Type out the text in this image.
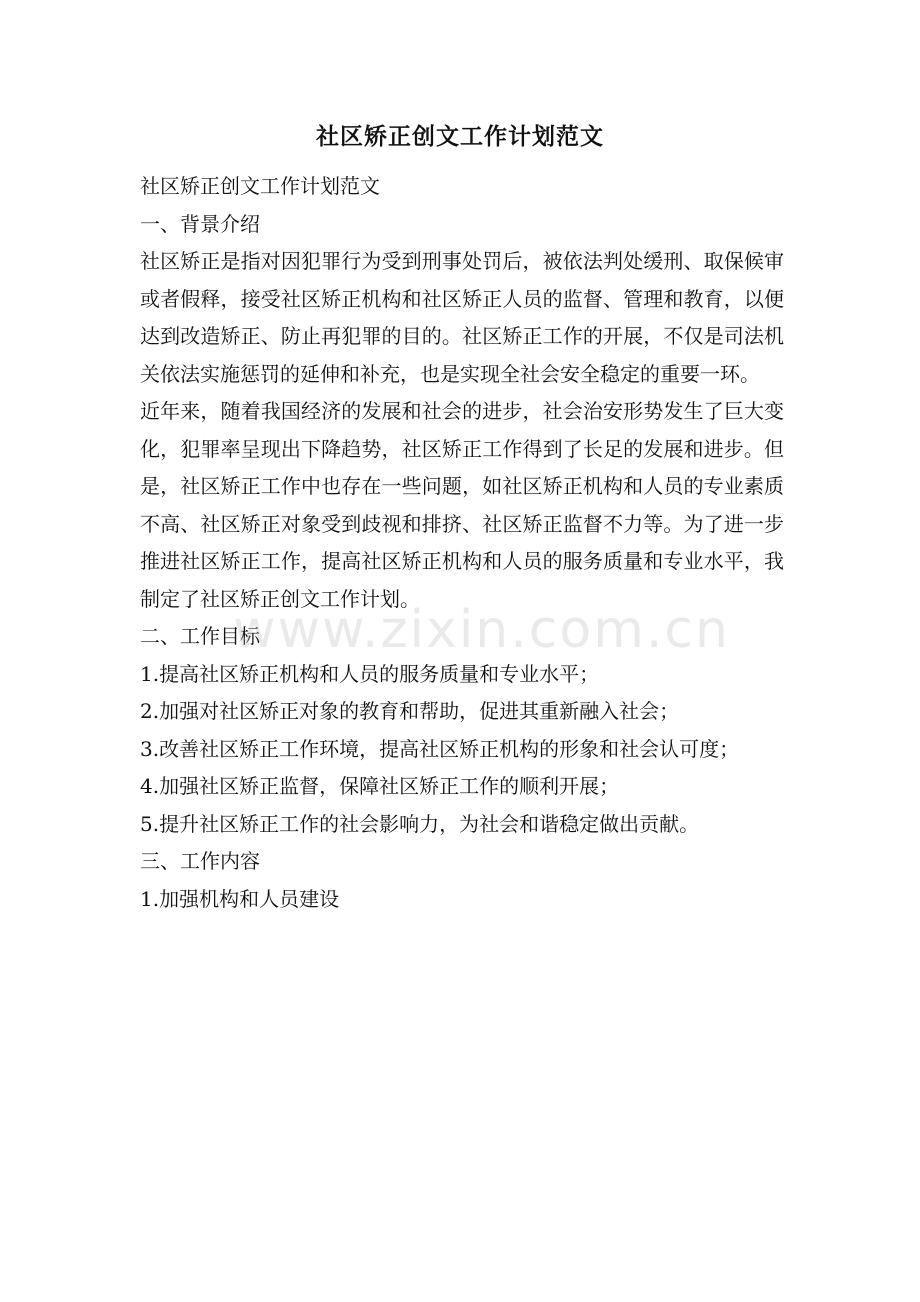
社区矫正创文工作计划范文

社区矫正创文工作计划范文

一、背景介绍

社区矫正是指对因犯罪行为受到刑事处罚后，被依法判处缓刑、取保候审或者假释，接受社区矫正机构和社区矫正人员的监督、管理和教育，以便达到改造矫正、防止再犯罪的目的。社区矫正工作的开展，不仅是司法机关依法实施惩罚的延伸和补充，也是实现全社会安全稳定的重要一环。

近年来，随着我国经济的发展和社会的进步，社会治安形势发生了巨大变化，犯罪率呈现出下降趋势，社区矫正工作得到了长足的发展和进步。但是，社区矫正工作中也存在一些问题，如社区矫正机构和人员的专业素质不高、社区矫正对象受到歧视和排挤、社区矫正监督不力等。为了进一步推进社区矫正工作，提高社区矫正机构和人员的服务质量和专业水平，我制定了社区矫正创文工作计划。

二、工作目标

1.提高社区矫正机构和人员的服务质量和专业水平；

2.加强对社区矫正对象的教育和帮助，促进其重新融入社会；

3.改善社区矫正工作环境，提高社区矫正机构的形象和社会认可度；

4.加强社区矫正监督，保障社区矫正工作的顺利开展；

5.提升社区矫正工作的社会影响力，为社会和谐稳定做出贡献。

三、工作内容

1.加强机构和人员建设

www.zixin.com.cn
